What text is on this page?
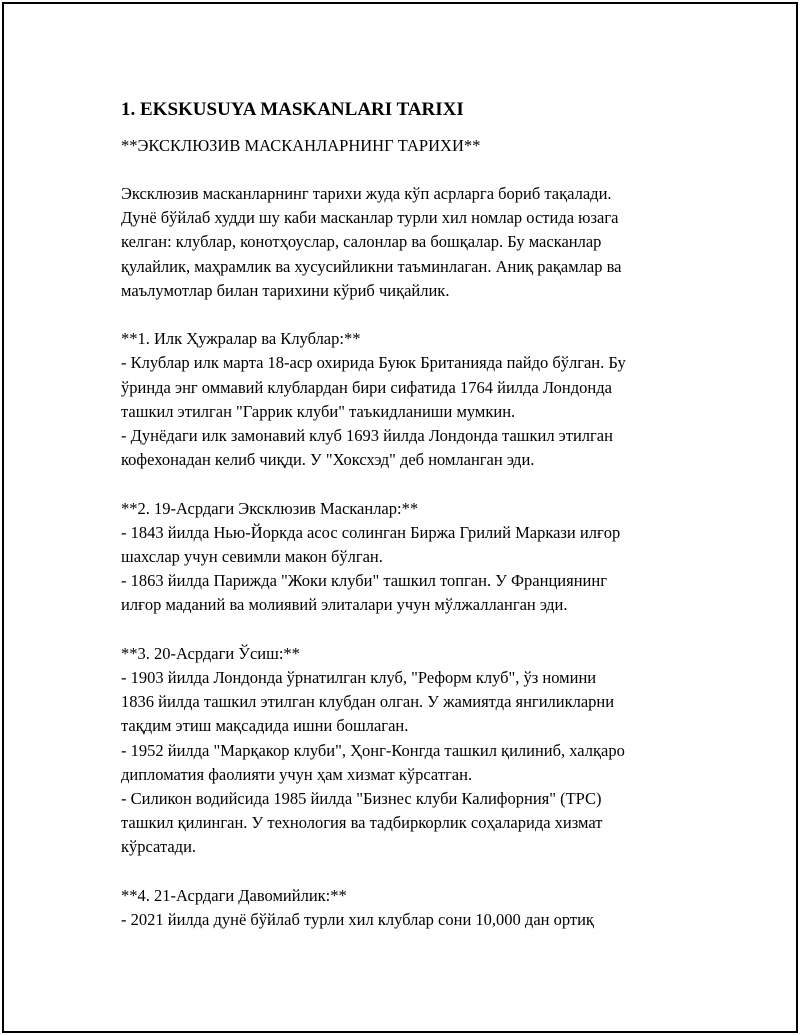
1. EKSKUSUYA MASKANLARI TARIXI

**ЭКСКЛЮЗИВ МАСКАНЛАРНИНГ ТАРИХИ**

Эксклюзив масканларнинг тарихи жуда кўп асрларга бориб тақалади.
Дунё бўйлаб худди шу каби масканлар турли хил номлар остида юзага
келган: клублар, конотҳоуслар, салонлар ва бошқалар. Бу масканлар
қулайлик, маҳрамлик ва хусусийликни таъминлаган. Аниқ рақамлар ва
маълумотлар билан тарихини кўриб чиқайлик.

**1. Илк Ҳужралар ва Клублар:**

- Клублар илк марта 18-аср охирида Буюк Британияда пайдо бўлган. Бу
ўринда энг оммавий клублардан бири сифатида 1764 йилда Лондонда
ташкил этилган "Гаррик клуби" таъкидланиши мумкин.
- Дунёдаги илк замонавий клуб 1693 йилда Лондонда ташкил этилган
кофехонадан келиб чиқди. У "Хоксхэд" деб номланган эди.

**2. 19-Асрдаги Эксклюзив Масканлар:**

- 1843 йилда Нью-Йоркда асос солинган Биржа Грилий Маркази илғор
шахслар учун севимли макон бўлган.
- 1863 йилда Парижда "Жоки клуби" ташкил топган. У Франциянинг
илғор маданий ва молиявий элиталари учун мўлжалланган эди.

**3. 20-Асрдаги Ўсиш:**

- 1903 йилда Лондонда ўрнатилган клуб, "Реформ клуб", ўз номини
1836 йилда ташкил этилган клубдан олган. У жамиятда янгиликларни
тақдим этиш мақсадида ишни бошлаган.
- 1952 йилда "Марқакор клуби", Ҳонг-Конгда ташкил қилиниб, халқаро
дипломатия фаолияти учун ҳам хизмат кўрсатган.
- Силикон водийсида 1985 йилда "Бизнес клуби Калифорния" (ТРС)
ташкил қилинган. У технология ва тадбиркорлик соҳаларида хизмат
кўрсатади.

**4. 21-Асрдаги Давомийлик:**

- 2021 йилда дунё бўйлаб турли хил клублар сони 10,000 дан ортиқ
